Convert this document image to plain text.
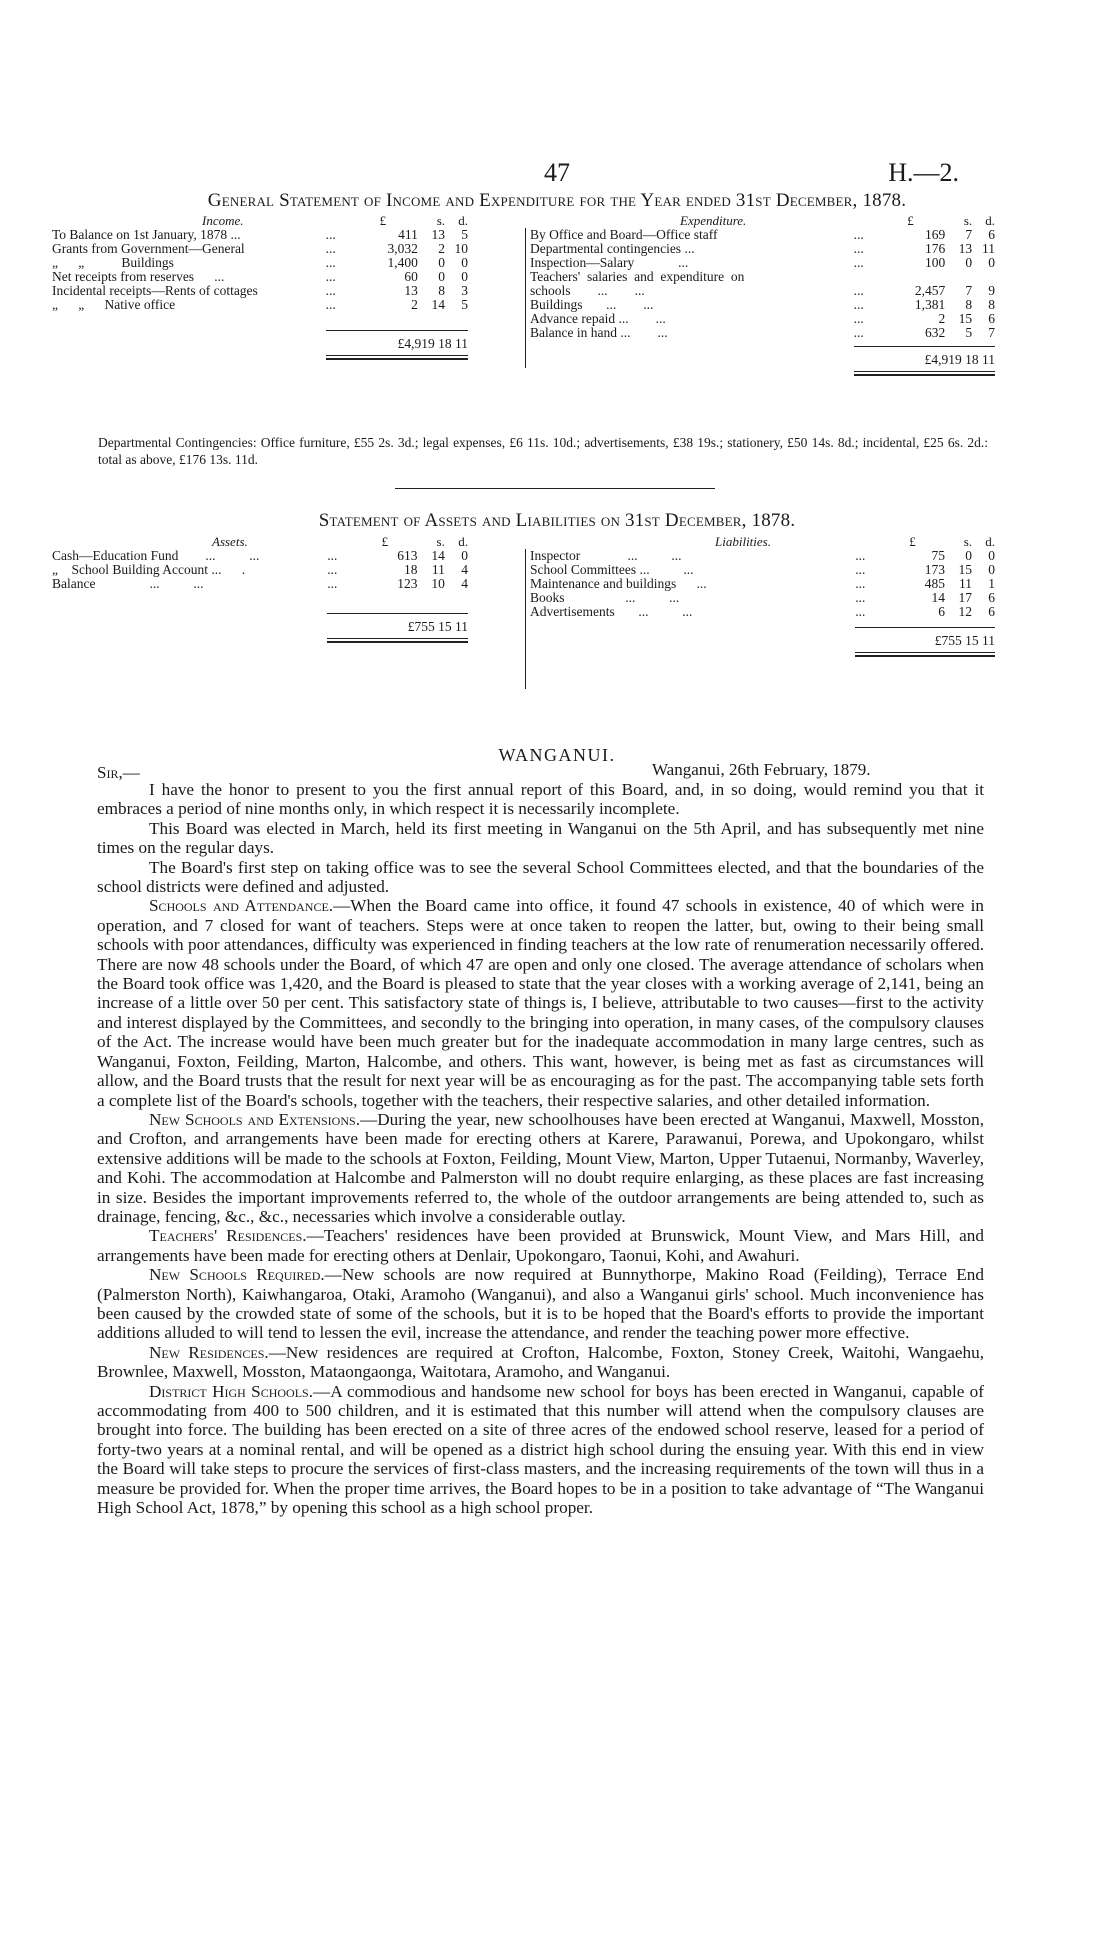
47	H.—2.
General Statement of Income and Expenditure for the Year ended 31st December, 1878.
Income.	£		s.	d.
To Balance on 1st January, 1878 ...	...	411	13	5
Grants from Government—General	...	3,032	2	10
„      „           Buildings	...	1,400	0	0
Net receipts from reserves      ...	...	60	0	0
Incidental receipts—Rents of cottages	...	13	8	3
„      „      Native office	...	2	14	5

	£4,919 18 11			

Expenditure.	£		s.	d.
By Office and Board—Office staff	...	169	7	6
Departmental contingencies ...	...	176	13	11
Inspection—Salary             ...	...	100	0	0
Teachers'  salaries  and  expenditure  on				
schools        ...        ...	...	2,457	7	9
Buildings       ...        ...	...	1,381	8	8
Advance repaid ...        ...	...	2	15	6
Balance in hand ...        ...	...	632	5	7

	£4,919 18 11			

Departmental Contingencies: Office furniture, £55 2s. 3d.; legal expenses, £6 11s. 10d.; advertisements, £38 19s.; stationery, £50 14s. 8d.; incidental, £25 6s. 2d.: total as above, £176 13s. 11d.
Statement of Assets and Liabilities on 31st December, 1878.
Assets.	£		s.	d.
Cash—Education Fund        ...          ...	...	613	14	0
„    School Building Account ...      .	...	18	11	4
Balance                ...          ...	...	123	10	4

	£755 15 11			

Liabilities.	£		s.	d.
Inspector              ...          ...	...	75	0	0
School Committees ...          ...	...	173	15	0
Maintenance and buildings      ...	...	485	11	1
Books                  ...          ...	...	14	17	6
Advertisements       ...          ...	...	6	12	6

	£755 15 11			

WANGANUI.
Sir,—	Wanganui, 26th February, 1879.

I have the honor to present to you the first annual report of this Board, and, in so doing, would remind you that it embraces a period of nine months only, in which respect it is necessarily incomplete.

This Board was elected in March, held its first meeting in Wanganui on the 5th April, and has subsequently met nine times on the regular days.

The Board's first step on taking office was to see the several School Committees elected, and that the boundaries of the school districts were defined and adjusted.

Schools and Attendance.—When the Board came into office, it found 47 schools in existence, 40 of which were in operation, and 7 closed for want of teachers. Steps were at once taken to reopen the latter, but, owing to their being small schools with poor attendances, difficulty was experienced in finding teachers at the low rate of renumeration necessarily offered. There are now 48 schools under the Board, of which 47 are open and only one closed. The average attendance of scholars when the Board took office was 1,420, and the Board is pleased to state that the year closes with a working average of 2,141, being an increase of a little over 50 per cent. This satisfactory state of things is, I believe, attributable to two causes—first to the activity and interest displayed by the Committees, and secondly to the bringing into operation, in many cases, of the compulsory clauses of the Act. The increase would have been much greater but for the inadequate accommodation in many large centres, such as Wanganui, Foxton, Feilding, Marton, Halcombe, and others. This want, however, is being met as fast as circumstances will allow, and the Board trusts that the result for next year will be as encouraging as for the past. The accompanying table sets forth a complete list of the Board's schools, together with the teachers, their respective salaries, and other detailed information.

New Schools and Extensions.—During the year, new schoolhouses have been erected at Wanganui, Maxwell, Mosston, and Crofton, and arrangements have been made for erecting others at Karere, Parawanui, Porewa, and Upokongaro, whilst extensive additions will be made to the schools at Foxton, Feilding, Mount View, Marton, Upper Tutaenui, Normanby, Waverley, and Kohi. The accommodation at Halcombe and Palmerston will no doubt require enlarging, as these places are fast increasing in size. Besides the important improvements referred to, the whole of the outdoor arrangements are being attended to, such as drainage, fencing, &c., &c., necessaries which involve a considerable outlay.

Teachers' Residences.—Teachers' residences have been provided at Brunswick, Mount View, and Mars Hill, and arrangements have been made for erecting others at Denlair, Upokongaro, Taonui, Kohi, and Awahuri.

New Schools Required.—New schools are now required at Bunnythorpe, Makino Road (Feilding), Terrace End (Palmerston North), Kaiwhangaroa, Otaki, Aramoho (Wanganui), and also a Wanganui girls' school. Much inconvenience has been caused by the crowded state of some of the schools, but it is to be hoped that the Board's efforts to provide the important additions alluded to will tend to lessen the evil, increase the attendance, and render the teaching power more effective.

New Residences.—New residences are required at Crofton, Halcombe, Foxton, Stoney Creek, Waitohi, Wangaehu, Brownlee, Maxwell, Mosston, Mataongaonga, Waitotara, Aramoho, and Wanganui.

District High Schools.—A commodious and handsome new school for boys has been erected in Wanganui, capable of accommodating from 400 to 500 children, and it is estimated that this number will attend when the compulsory clauses are brought into force. The building has been erected on a site of three acres of the endowed school reserve, leased for a period of forty-two years at a nominal rental, and will be opened as a district high school during the ensuing year. With this end in view the Board will take steps to procure the services of first-class masters, and the increasing requirements of the town will thus in a measure be provided for. When the proper time arrives, the Board hopes to be in a position to take advantage of “The Wanganui High School Act, 1878,” by opening this school as a high school proper.
